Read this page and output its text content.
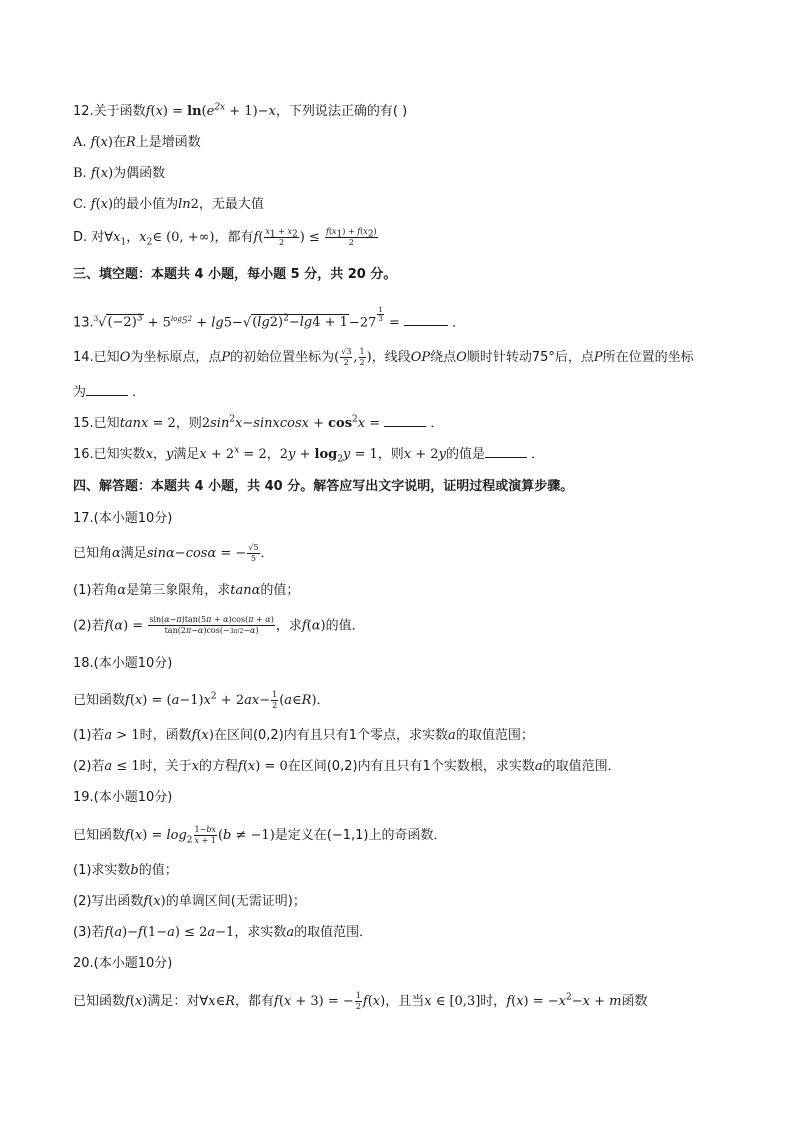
12.关于函数$f(x) = \ln(e^{2x} + 1)-x$，下列说法正确的有( )
A. f(x)在R上是增函数
B. f(x)为偶函数
C. f(x)的最小值为ln2，无最大值
D. 对$\forall x_1$，$x_2\in$ (0, +∞)，都有$f( \frac{x_1 + x_2}{2}$ ) ≤ $\frac{f(x_1) + f(x_2)}{2}$
三、填空题：本题共 4 小题，每小题 5 分，共 20 分。
$13.^3√(-2)^3 + 5^{log_52} + \lg 5-√(\lg 2)^2-\lg 4 + 1-27$ $^{\frac{1}{3}}$ =	．
14.已知O为坐标原点，点P的初始位置坐标为( $\frac{√3}{2}$ , $\frac{1}{2}$ )，线段OP绕点O顺时针转动75°后，点P所在位置的坐标
为	．
15.已知tanx = 2，则$2\sin^2x-sinxcosx + \cos^2x$ =	．
16.已知实数x，y满足$x + 2^x = 2$，$2y + \log_2y = 1$，则x + 2y的值是	．
四、解答题：本题共 4 小题，共 40 分。解答应写出文字说明，证明过程或演算步骤。
17.(本小题10分)
已知角α满足sinα−cosα = − $\frac{√5}{5}$ ．
(1)若角α是第三象限角，求tanα的值；
(2)若$f(\alpha) = \frac{\sin(\alpha-\pi)\tan(5\pi + \alpha)\cos(\pi + \alpha)}{\tan(2\pi-\alpha)\cos(-3\pi/2-\alpha)}$ ，求f(α)的值．
18.(本小题10分)
已知函数$f(x) = (a-1)x^2 + 2ax- \frac{1}{2}$ (a∈R)．
(1)若a > 1时，函数f(x)在区间(0,2)内有且只有1个零点，求实数a的取值范围；
(2)若a ≤ 1时，关于x的方程f(x) = 0在区间(0,2)内有且只有1个实数根，求实数a的取值范围．
19.(本小题10分)
已知函数$f(x) = \log_2 \frac{1-bx}{x + 1} (b \ne -1)$是定义在(−1,1)上的奇函数．
(1)求实数b的值；
(2)写出函数f(x)的单调区间(无需证明)；
(3)若f(a)−f(1−a) ≤ 2a−1，求实数a的取值范围．
20.(本小题10分)
已知函数f(x)满足：对∀x∈R，都有f(x + 3) = − $\frac{1}{2} f(x)$，且当x ∈ [0,3]时，$f(x) = -x^2-x + m$函数
